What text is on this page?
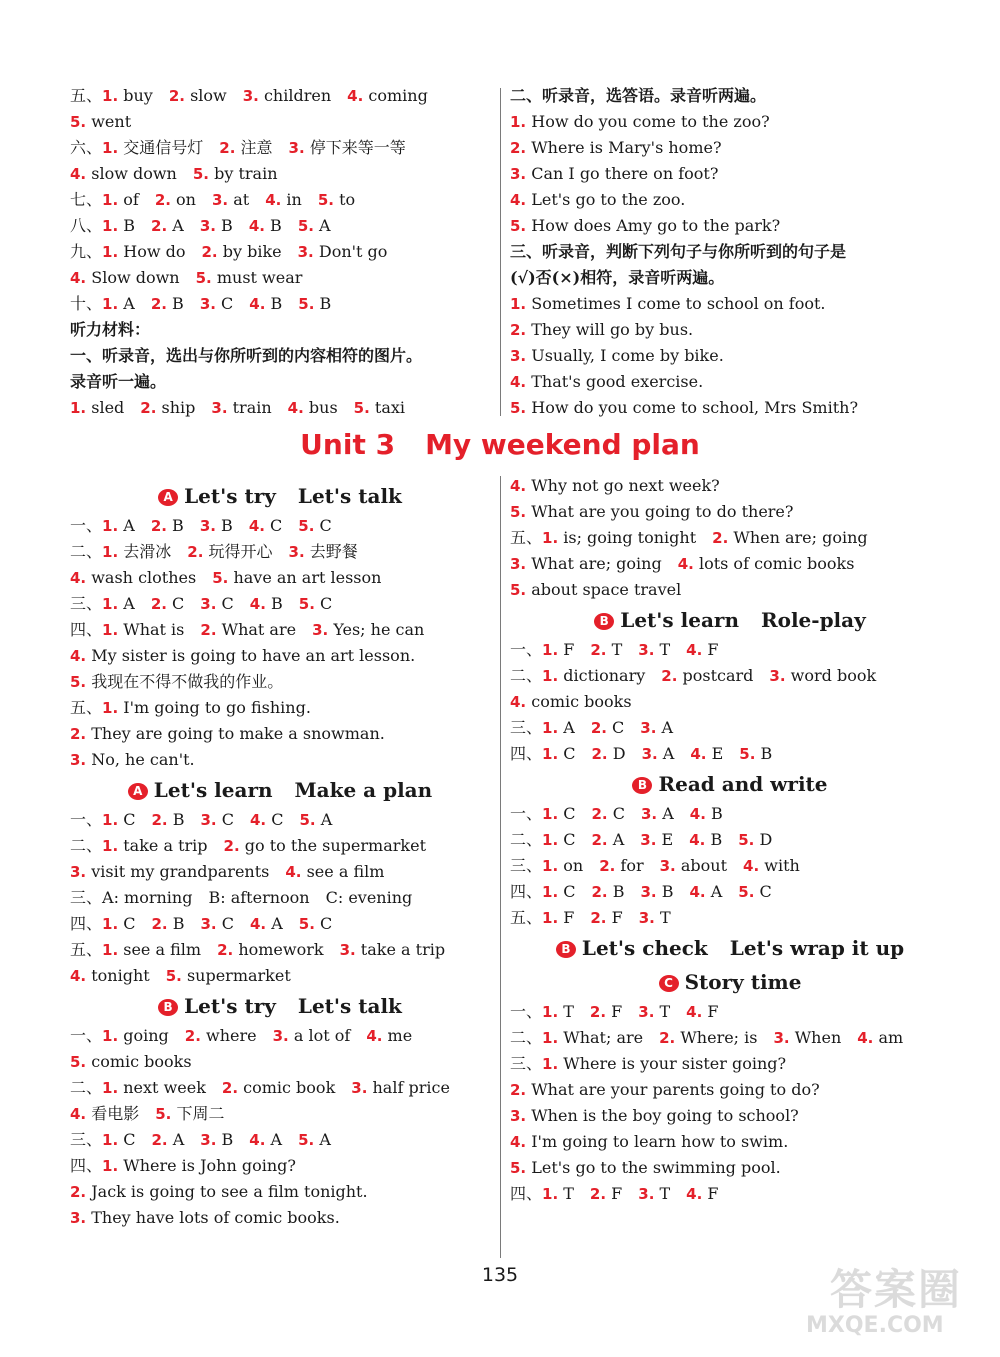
五、1. buy 2. slow 3. children 4. coming
5. went
六、1. 交通信号灯 2. 注意 3. 停下来等一等
4. slow down 5. by train
七、1. of 2. on 3. at 4. in 5. to
八、1. B 2. A 3. B 4. B 5. A
九、1. How do 2. by bike 3. Don't go
4. Slow down 5. must wear
十、1. A 2. B 3. C 4. B 5. B
听力材料：
一、听录音，选出与你所听到的内容相符的图片。
录音听一遍。
1. sled 2. ship 3. train 4. bus 5. taxi
二、听录音，选答语。录音听两遍。
1. How do you come to the zoo?
2. Where is Mary's home?
3. Can I go there on foot?
4. Let's go to the zoo.
5. How does Amy go to the park?
三、听录音，判断下列句子与你所听到的句子是
(√)否(×)相符，录音听两遍。
1. Sometimes I come to school on foot.
2. They will go by bus.
3. Usually, I come by bike.
4. That's good exercise.
5. How do you come to school, Mrs Smith?
Unit 3 My weekend plan
A Let's try Let's talk
一、1. A 2. B 3. B 4. C 5. C
二、1. 去滑冰 2. 玩得开心 3. 去野餐
4. wash clothes 5. have an art lesson
三、1. A 2. C 3. C 4. B 5. C
四、1. What is 2. What are 3. Yes; he can
4. My sister is going to have an art lesson.
5. 我现在不得不做我的作业。
五、1. I'm going to go fishing.
2. They are going to make a snowman.
3. No, he can't.
A Let's learn Make a plan
一、1. C 2. B 3. C 4. C 5. A
二、1. take a trip 2. go to the supermarket
3. visit my grandparents 4. see a film
三、A: morning B: afternoon C: evening
四、1. C 2. B 3. C 4. A 5. C
五、1. see a film 2. homework 3. take a trip
4. tonight 5. supermarket
B Let's try Let's talk
一、1. going 2. where 3. a lot of 4. me
5. comic books
二、1. next week 2. comic book 3. half price
4. 看电影 5. 下周二
三、1. C 2. A 3. B 4. A 5. A
四、1. Where is John going?
2. Jack is going to see a film tonight.
3. They have lots of comic books.
4. Why not go next week?
5. What are you going to do there?
五、1. is; going tonight 2. When are; going
3. What are; going 4. lots of comic books
5. about space travel
B Let's learn Role-play
一、1. F 2. T 3. T 4. F
二、1. dictionary 2. postcard 3. word book
4. comic books
三、1. A 2. C 3. A
四、1. C 2. D 3. A 4. E 5. B
B Read and write
一、1. C 2. C 3. A 4. B
二、1. C 2. A 3. E 4. B 5. D
三、1. on 2. for 3. about 4. with
四、1. C 2. B 3. B 4. A 5. C
五、1. F 2. F 3. T
B Let's check Let's wrap it up
C Story time
一、1. T 2. F 3. T 4. F
二、1. What; are 2. Where; is 3. When 4. am
三、1. Where is your sister going?
2. What are your parents going to do?
3. When is the boy going to school?
4. I'm going to learn how to swim.
5. Let's go to the swimming pool.
四、1. T 2. F 3. T 4. F
135	答案圈
MXQE.COM
